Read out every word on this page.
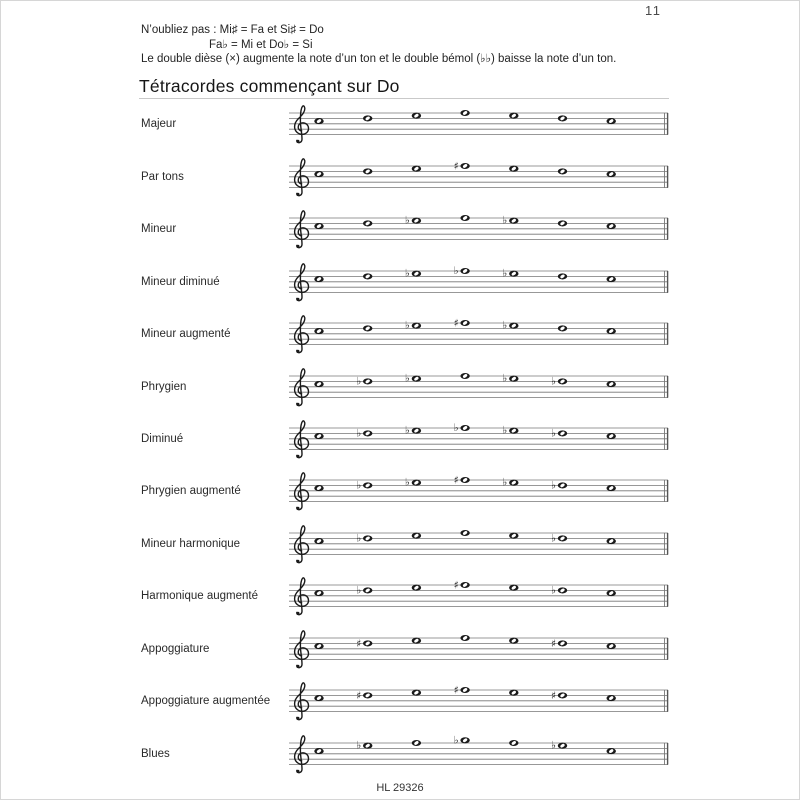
11
N’oubliez pas : Mi♯ = Fa et Si♯ = Do
Fa♭ = Mi et Do♭ = Si
Le double dièse (×) augmente la note d’un ton et le double bémol (♭♭) baisse la note d’un ton.
Tétracordes commençant sur Do
Majeur
Par tons
♯
Mineur
♭	♭
Mineur diminué
♭	♭	♭
Mineur augmenté
♭	♯	♭
Phrygien	♭	♭	♭	♭
Diminué	♭	♭	♭	♭	♭
Phrygien augmenté	♭	♭	♯	♭	♭
Mineur harmonique	♭	♭
Harmonique augmenté	♭	♯	♭
Appoggiature	♯	♯
Appoggiature augmentée	♯	♯	♯
Blues
♭	♭	♭
HL 29326
